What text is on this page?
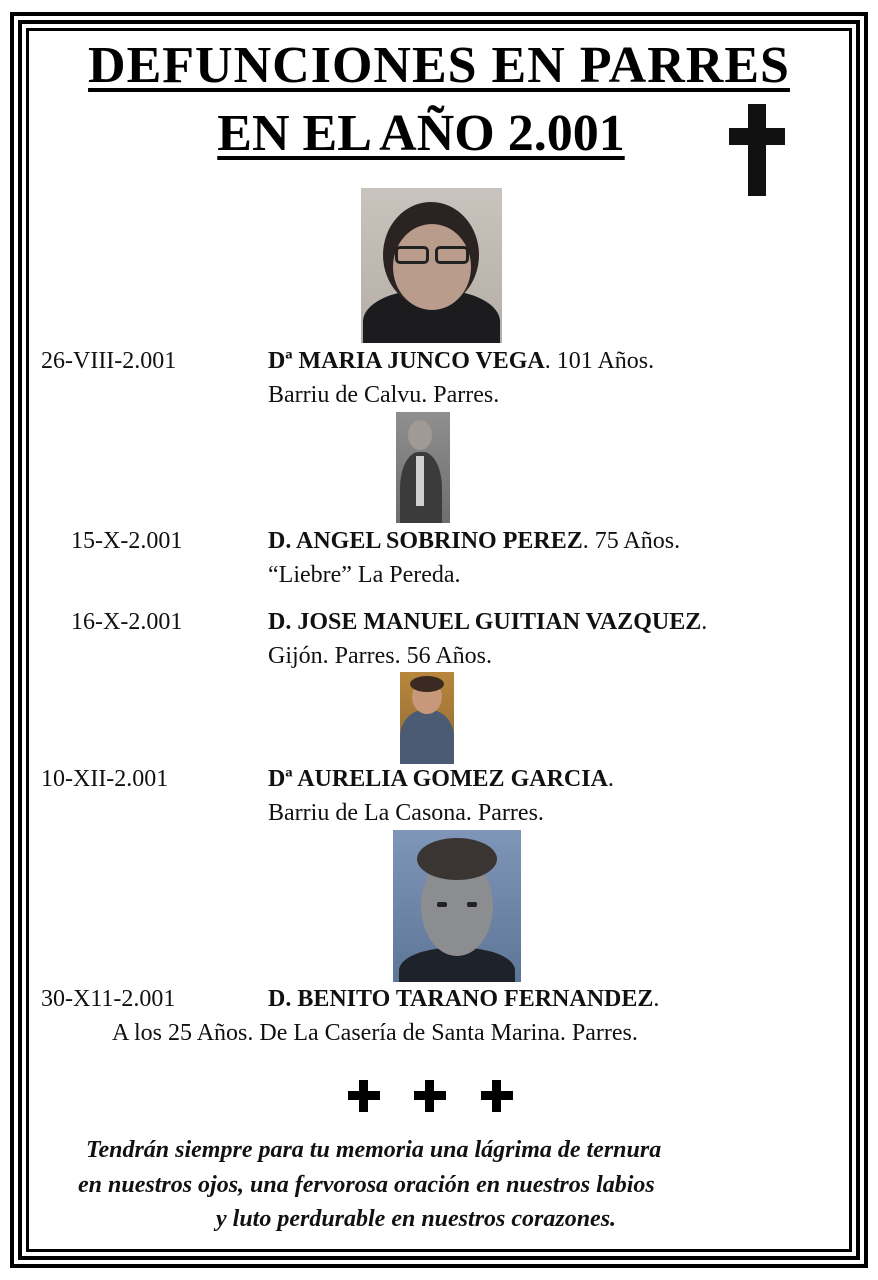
DEFUNCIONES EN PARRES
EN EL AÑO 2.001
26-VIII-2.001	Dª MARIA JUNCO VEGA. 101 Años.
Barriu de Calvu. Parres.
15-X-2.001	D. ANGEL SOBRINO PEREZ. 75 Años.
“Liebre” La Pereda.
16-X-2.001	D. JOSE MANUEL GUITIAN VAZQUEZ.
Gijón. Parres. 56 Años.
10-XII-2.001	Dª AURELIA GOMEZ GARCIA.
Barriu de La Casona. Parres.
30-X11-2.001	D. BENITO TARANO FERNANDEZ.
A los 25 Años. De La Casería de Santa Marina. Parres.
Tendrán siempre para tu memoria una lágrima de ternura
en nuestros ojos, una fervorosa oración en nuestros labios
y luto perdurable en nuestros corazones.
